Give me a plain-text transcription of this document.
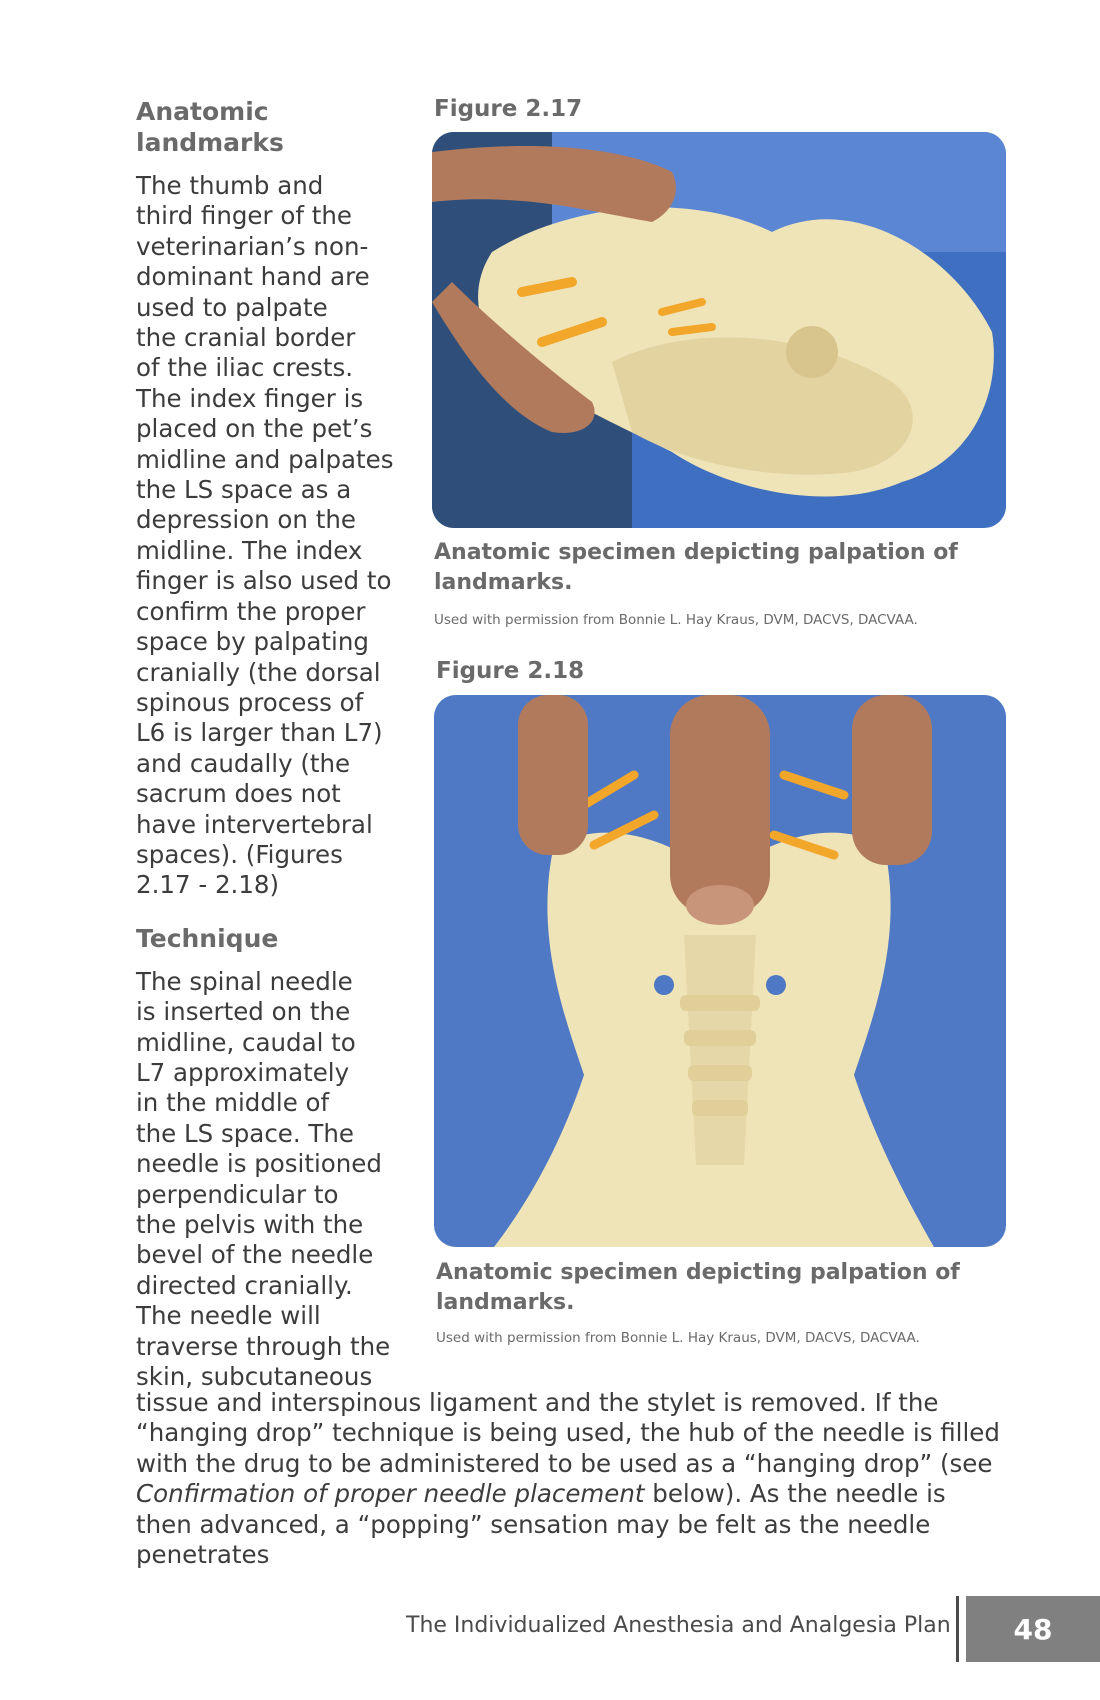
Anatomic
landmarks

The thumb and
third finger of the
veterinarian’s non-
dominant hand are
used to palpate
the cranial border
of the iliac crests.
The index finger is
placed on the pet’s
midline and palpates
the LS space as a
depression on the
midline. The index
finger is also used to
confirm the proper
space by palpating
cranially (the dorsal
spinous process of
L6 is larger than L7)
and caudally (the
sacrum does not
have intervertebral
spaces). (Figures
2.17 - 2.18)

Technique

The spinal needle
is inserted on the
midline, caudal to
L7 approximately
in the middle of
the LS space. The
needle is positioned
perpendicular to
the pelvis with the
bevel of the needle
directed cranially.
The needle will
traverse through the
skin, subcutaneous

Figure 2.17

Anatomic specimen depicting palpation of landmarks.

Used with permission from Bonnie L. Hay Kraus, DVM, DACVS, DACVAA.

Figure 2.18

Anatomic specimen depicting palpation of landmarks.

Used with permission from Bonnie L. Hay Kraus, DVM, DACVS, DACVAA.

tissue and interspinous ligament and the stylet is removed. If the “hanging drop” technique is being used, the hub of the needle is filled with the drug to be administered to be used as a “hanging drop” (see Confirmation of proper needle placement below). As the needle is then advanced, a “popping” sensation may be felt as the needle penetrates

The Individualized Anesthesia and Analgesia Plan	48
